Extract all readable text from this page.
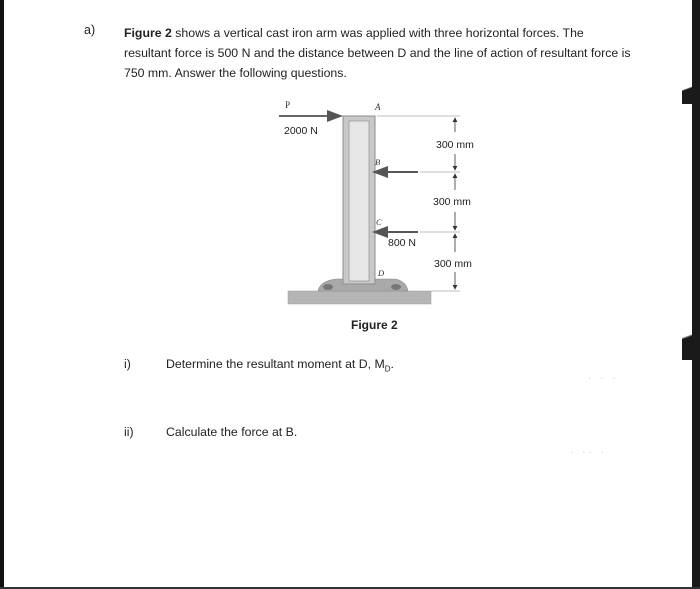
a) Figure 2 shows a vertical cast iron arm was applied with three horizontal forces. The resultant force is 500 N and the distance between D and the line of action of resultant force is 750 mm. Answer the following questions.
P
2000 N
A
B
C
800 N
D
300 mm
300 mm
300 mm
Figure 2
i)	Determine the resultant moment at D, $M_D$.
ii)	Calculate the force at B.
· · ·
· ·· ·
